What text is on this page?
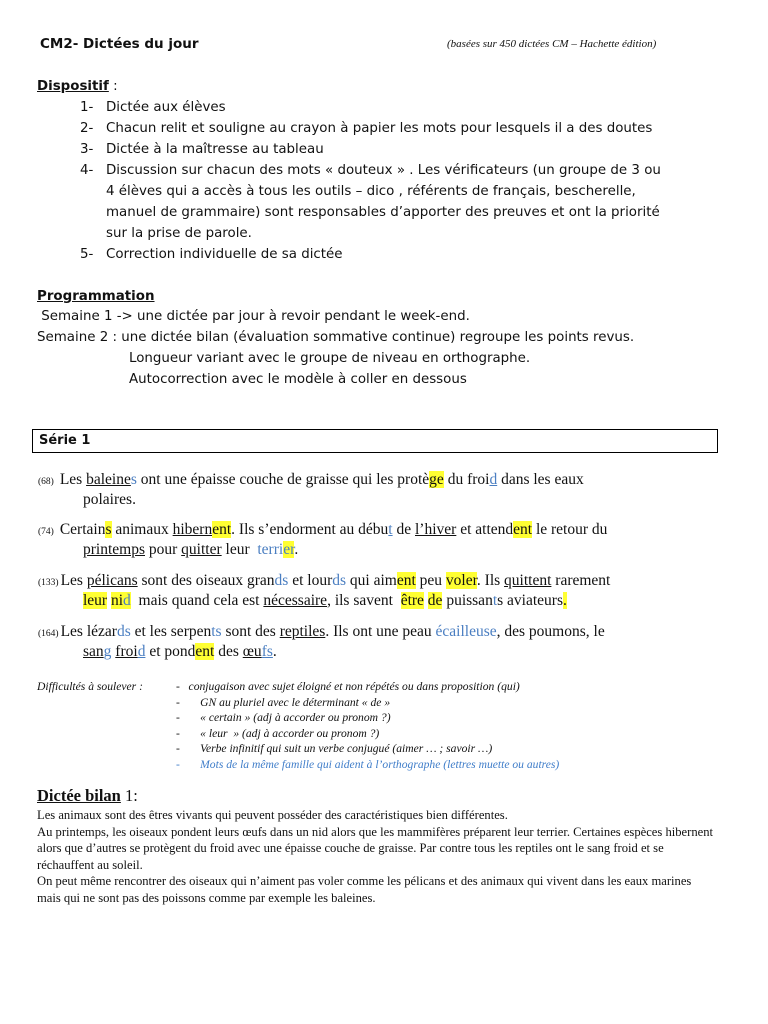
CM2- Dictées du jour	(basées sur 450 dictées CM – Hachette édition)
Dispositif :
1- Dictée aux élèves
2- Chacun relit et souligne au crayon à papier les mots pour lesquels il a des doutes
3- Dictée à la maîtresse au tableau
4- Discussion sur chacun des mots « douteux » . Les vérificateurs (un groupe de 3 ou
4 élèves qui a accès à tous les outils – dico , référents de français, bescherelle,
manuel de grammaire) sont responsables d’apporter des preuves et ont la priorité
sur la prise de parole.
5- Correction individuelle de sa dictée
Programmation
Semaine 1 -> une dictée par jour à revoir pendant le week-end.
Semaine 2 : une dictée bilan (évaluation sommative continue) regroupe les points revus.
Longueur variant avec le groupe de niveau en orthographe.
Autocorrection avec le modèle à coller en dessous
Série 1
(68) Les baleines ont une épaisse couche de graisse qui les protège du froid dans les eaux
polaires.
(74) Certains animaux hibernent. Ils s’endorment au début de l’hiver et attendent le retour du
printemps pour quitter leur  terrier.
(133) Les pélicans sont des oiseaux grands et lourds qui aiment peu voler. Ils quittent rarement
leur nid  mais quand cela est nécessaire, ils savent  être de puissants aviateurs.
(164) Les lézards et les serpents sont des reptiles. Ils ont une peau écailleuse, des poumons, le
sang froid et pondent des œufs.
Difficultés à soulever :	-   conjugaison avec sujet éloigné et non répétés ou dans proposition (qui)
-       GN au pluriel avec le déterminant « de »
-       « certain » (adj à accorder ou pronom ?)
-       « leur  » (adj à accorder ou pronom ?)
-       Verbe infinitif qui suit un verbe conjugué (aimer … ; savoir …)
-       Mots de la même famille qui aident à l’orthographe (lettres muette ou autres)
Dictée bilan 1:

Les animaux sont des êtres vivants qui peuvent posséder des caractéristiques bien différentes.

Au printemps, les oiseaux pondent leurs œufs dans un nid alors que les mammifères préparent leur terrier. Certaines espèces hibernent alors que d’autres se protègent du froid avec une épaisse couche de graisse. Par contre tous les reptiles ont le sang froid et se réchauffent au soleil.

On peut même rencontrer des oiseaux qui n’aiment pas voler comme les pélicans et des animaux qui vivent dans les eaux marines mais qui ne sont pas des poissons comme par exemple les baleines.
